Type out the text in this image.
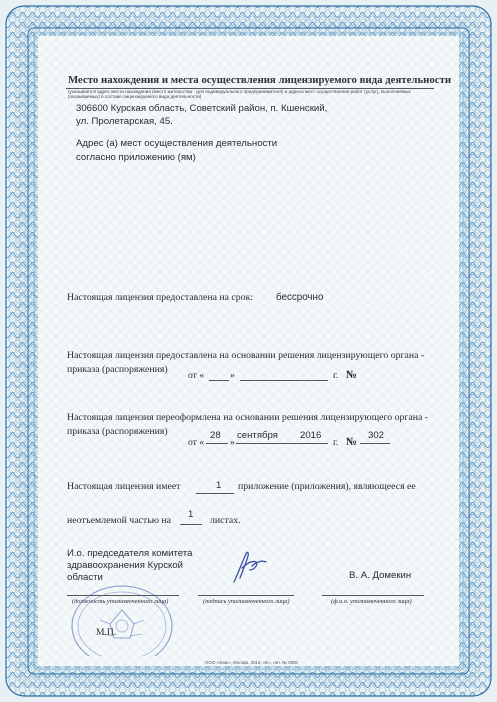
Место нахождения и места осуществления лицензируемого вида деятельности
(указывается адрес места нахождения (место жительства - для индивидуального предпринимателя) и адреса мест осуществления работ (услуг), выполняемых (оказываемых) в составе лицензируемого вида деятельности)
306600 Курская область, Советский район, п. Кшенский,
ул. Пролетарская, 45.
Адрес (а) мест осуществления деятельности
согласно приложению (ям)
Настоящая лицензия предоставлена на срок: бессрочно
Настоящая лицензия предоставлена на основании решения лицензирующего органа -
приказа (распоряжения)
от «	»	г. №
Настоящая лицензия переоформлена на основании решения лицензирующего органа -
приказа (распоряжения)
от «
28
»
сентября 2016
г. №
302
Настоящая лицензия имеет	1 приложение (приложения), являющееся ее
неотъемлемой частью на
1
листах.
И.о. председателя комитета
здравоохранения Курской
области	В. А. Домекин
(должность уполномоченного лица)	(подпись уполномоченного лица)	(ф.и.о. уполномоченного лица)
М.П.
ООО «Знак», Москва, 2016, «Б», лит. №·0000
